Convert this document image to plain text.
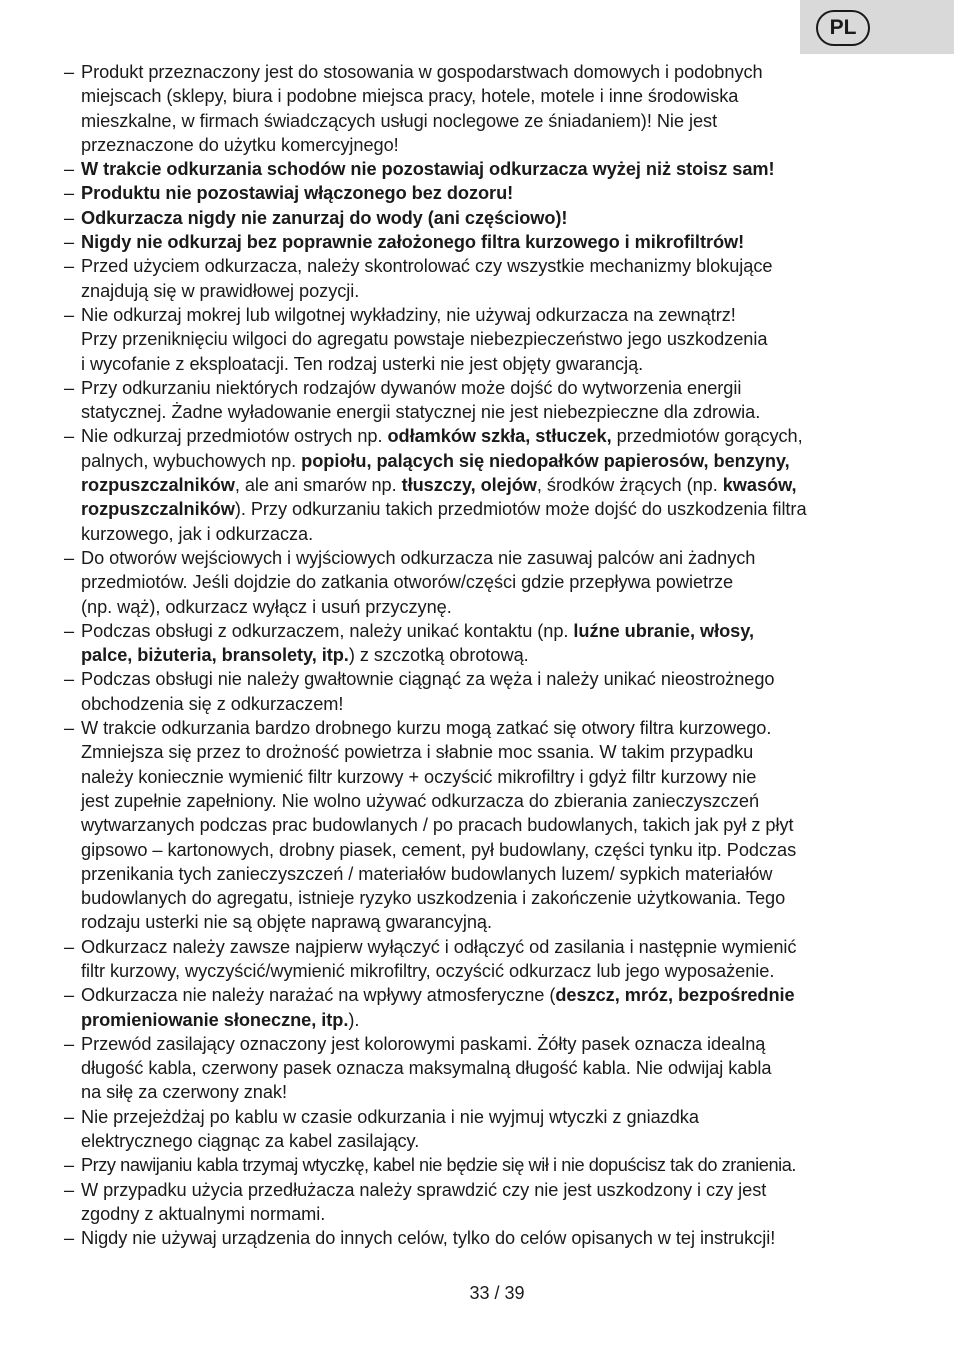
PL
– Produkt przeznaczony jest do stosowania w gospodarstwach domowych i podobnych
miejscach (sklepy, biura i podobne miejsca pracy, hotele, motele i inne środowiska
mieszkalne, w firmach świadczących usługi noclegowe ze śniadaniem)! Nie jest
przeznaczone do użytku komercyjnego!
– W trakcie odkurzania schodów nie pozostawiaj odkurzacza wyżej niż stoisz sam!
– Produktu nie pozostawiaj włączonego bez dozoru!
– Odkurzacza nigdy nie zanurzaj do wody (ani częściowo)!
– Nigdy nie odkurzaj bez poprawnie założonego filtra kurzowego i mikrofiltrów!
– Przed użyciem odkurzacza, należy skontrolować czy wszystkie mechanizmy blokujące
znajdują się w prawidłowej pozycji.
– Nie odkurzaj mokrej lub wilgotnej wykładziny, nie używaj odkurzacza na zewnątrz!
Przy przeniknięciu wilgoci do agregatu powstaje niebezpieczeństwo jego uszkodzenia
i wycofanie z eksploatacji. Ten rodzaj usterki nie jest objęty gwarancją.
– Przy odkurzaniu niektórych rodzajów dywanów może dojść do wytworzenia energii
statycznej. Żadne wyładowanie energii statycznej nie jest niebezpieczne dla zdrowia.
– Nie odkurzaj przedmiotów ostrych np. odłamków szkła, stłuczek, przedmiotów gorących,
palnych, wybuchowych np. popiołu, palących się niedopałków papierosów, benzyny,
rozpuszczalników, ale ani smarów np. tłuszczy, olejów, środków żrących (np. kwasów,
rozpuszczalników). Przy odkurzaniu takich przedmiotów może dojść do uszkodzenia filtra
kurzowego, jak i odkurzacza.
– Do otworów wejściowych i wyjściowych odkurzacza nie zasuwaj palców ani żadnych
przedmiotów. Jeśli dojdzie do zatkania otworów/części gdzie przepływa powietrze
(np. wąż), odkurzacz wyłącz i usuń przyczynę.
– Podczas obsługi z odkurzaczem, należy unikać kontaktu (np. luźne ubranie, włosy,
palce, biżuteria, bransolety, itp.) z szczotką obrotową.
– Podczas obsługi nie należy gwałtownie ciągnąć za węża i należy unikać nieostrożnego
obchodzenia się z odkurzaczem!
– W trakcie odkurzania bardzo drobnego kurzu mogą zatkać się otwory filtra kurzowego.
Zmniejsza się przez to drożność powietrza i słabnie moc ssania. W takim przypadku
należy koniecznie wymienić filtr kurzowy + oczyścić mikrofiltry i gdyż filtr kurzowy nie
jest zupełnie zapełniony. Nie wolno używać odkurzacza do zbierania zanieczyszczeń
wytwarzanych podczas prac budowlanych / po pracach budowlanych, takich jak pył z płyt
gipsowo – kartonowych, drobny piasek, cement, pył budowlany, części tynku itp. Podczas
przenikania tych zanieczyszczeń / materiałów budowlanych luzem/ sypkich materiałów
budowlanych do agregatu, istnieje ryzyko uszkodzenia i zakończenie użytkowania. Tego
rodzaju usterki nie są objęte naprawą gwarancyjną.
– Odkurzacz należy zawsze najpierw wyłączyć i odłączyć od zasilania i następnie wymienić
filtr kurzowy, wyczyścić/wymienić mikrofiltry, oczyścić odkurzacz lub jego wyposażenie.
– Odkurzacza nie należy narażać na wpływy atmosferyczne (deszcz, mróz, bezpośrednie
promieniowanie słoneczne, itp.).
– Przewód zasilający oznaczony jest kolorowymi paskami. Żółty pasek oznacza idealną
długość kabla, czerwony pasek oznacza maksymalną długość kabla. Nie odwijaj kabla
na siłę za czerwony znak!
– Nie przejeżdżaj po kablu w czasie odkurzania i nie wyjmuj wtyczki z gniazdka
elektrycznego ciągnąc za kabel zasilający.
– Przy nawijaniu kabla trzymaj wtyczkę, kabel nie będzie się wił i nie dopuścisz tak do zranienia.
– W przypadku użycia przedłużacza należy sprawdzić czy nie jest uszkodzony i czy jest
zgodny z aktualnymi normami.
– Nigdy nie używaj urządzenia do innych celów, tylko do celów opisanych w tej instrukcji!
33 / 39
